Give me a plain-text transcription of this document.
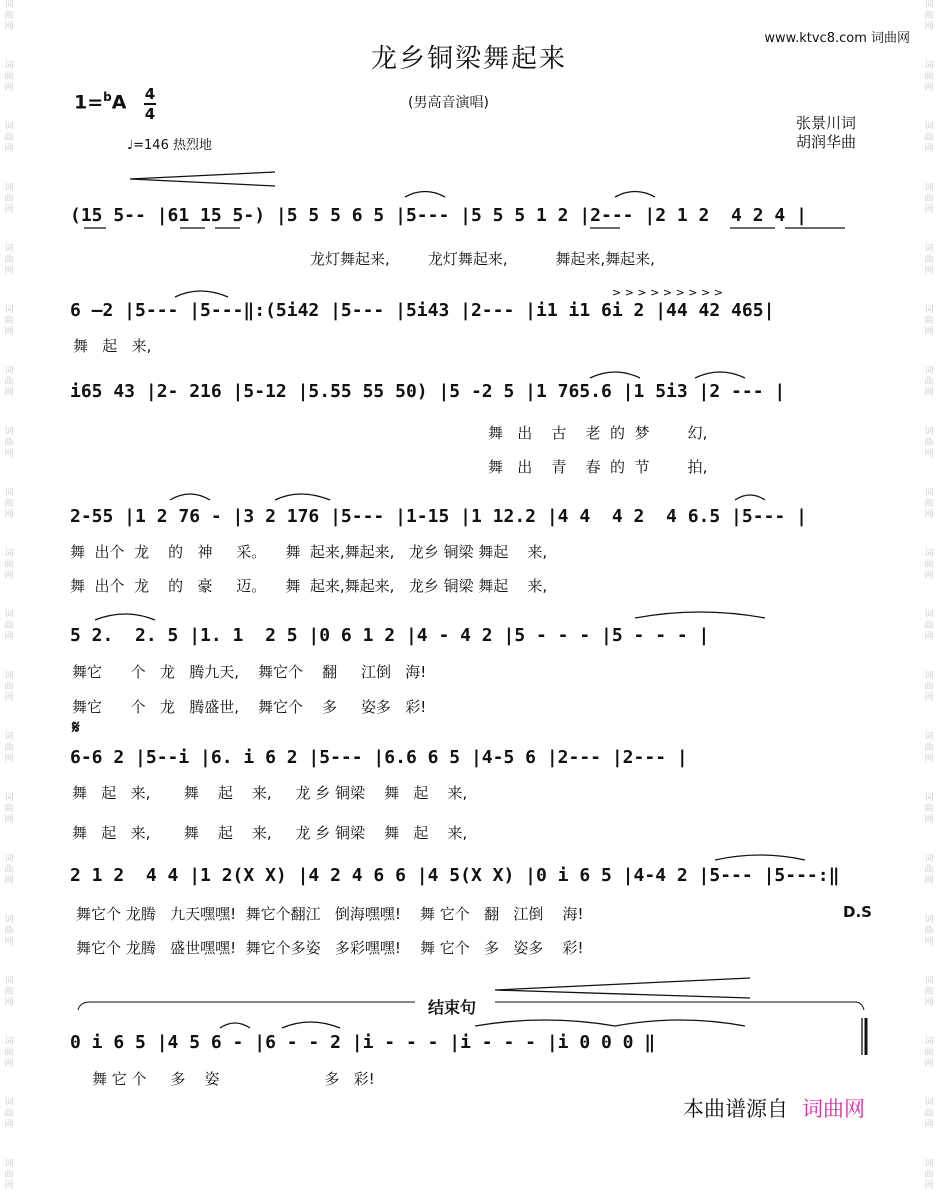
词
曲
网
词
曲
网
词
曲
网
词
曲
网
词
曲
网
词
曲
网
词
曲
网
词
曲
网
词
曲
网
词
曲
网
词
曲
网
词
曲
网
词
曲
网
词
曲
网
词
曲
网
词
曲
网
词
曲
网
词
曲
网
词
曲
网
词
曲
网
词
曲
网
词
曲
网
词
曲
网
词
曲
网
词
曲
网
词
曲
网
词
曲
网
词
曲
网
词
曲
网
词
曲
网
词
曲
网
词
曲
网
词
曲
网
词
曲
网
词
曲
网
词
曲
网
词
曲
网
词
曲
网
词
曲
网
词
曲
网
www.ktvc8.com 词曲网
龙乡铜梁舞起来
1=$^b$A 4
4
(男高音演唱)
♩=146 热烈地
张景川词
胡润华曲
> > > > > > > > >
(15 5-- |61 15 5-) |5 5 5 6 5 |5--- |5 5 5 1 2 |2--- |2 1 2  4 2 4 |
龙灯舞起来,        龙灯舞起来,          舞起来,舞起来,
6 —2 |5--- |5---‖:(5i42 |5--- |5i43 |2--- |i1 i1 6i 2 |44 42 465|
舞   起   来,
i65 43 |2- 216 |5-12 |5.55 55 50) |5 -2 5 |1 765.6 |1 5i3 |2 --- |
舞   出    古    老  的  梦        幻,
舞   出    青    春  的  节        拍,
2-55 |1 2 76 - |3 2 176 |5--- |1-15 |1 12.2 |4 4  4 2  4 6.5 |5--- |
舞  出个  龙    的   神     采。    舞  起来,舞起来,   龙乡 铜梁 舞起    来,
舞  出个  龙    的   豪     迈。    舞  起来,舞起来,   龙乡 铜梁 舞起    来,
5 2.  2. 5 |1. 1  2 5 |0 6 1 2 |4 - 4 2 |5 - - - |5 - - - |
舞它      个   龙   腾九天,    舞它个    翻     江倒   海!
舞它      个   龙   腾盛世,    舞它个    多     姿多   彩!
𝄋
6-6 2 |5--i |6. i 6 2 |5--- |6.6 6 5 |4-5 6 |2--- |2--- |
舞   起   来,       舞    起    来,     龙 乡 铜梁    舞   起    来,
舞   起   来,       舞    起    来,     龙 乡 铜梁    舞   起    来,
2 1 2  4 4 |1 2(X X) |4 2 4 6 6 |4 5(X X) |0 i 6 5 |4-4 2 |5--- |5---:‖
舞它个 龙腾   九天嘿嘿!  舞它个翻江   倒海嘿嘿!    舞 它个   翻   江倒    海!	D.S
舞它个 龙腾   盛世嘿嘿!  舞它个多姿   多彩嘿嘿!    舞 它个   多   姿多    彩!
结束句
0 i 6 5 |4 5 6 - |6 - - 2 |i - - - |i - - - |i 0 0 0 ‖
舞 它 个     多    姿                      多   彩!
本曲谱源自 词曲网
